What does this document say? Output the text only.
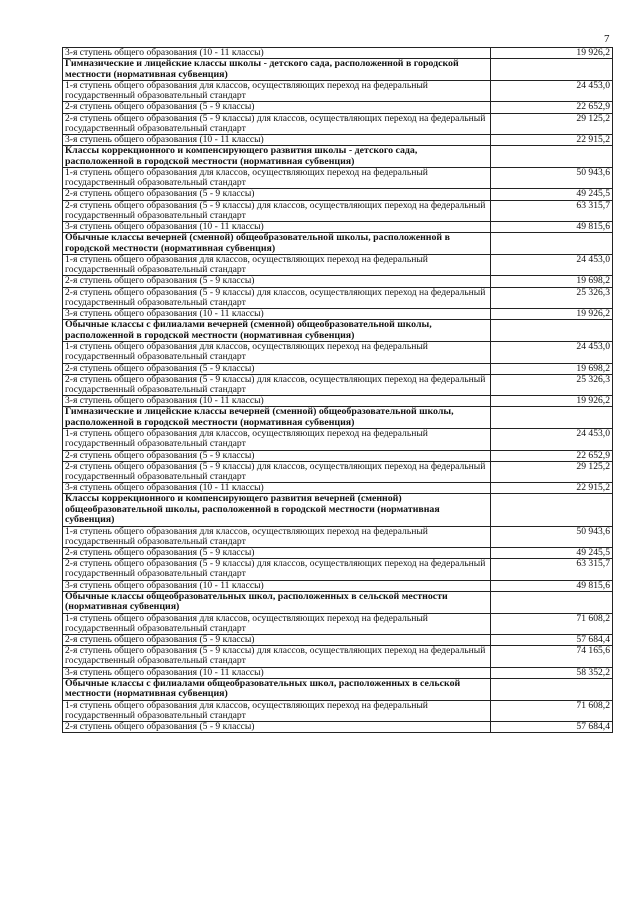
7
3-я ступень общего образования (10 - 11 классы)	19 926,2
Гимназические и лицейские классы школы - детского сада, расположенной в городской местности (нормативная субвенция)	
1-я ступень общего образования для классов, осуществляющих переход на федеральный государственный образовательный стандарт	24 453,0
2-я ступень общего образования (5 - 9 классы)	22 652,9
2-я ступень общего образования (5 - 9 классы) для классов, осуществляющих переход на федеральный государственный образовательный стандарт	29 125,2
3-я ступень общего образования (10 - 11 классы)	22 915,2
Классы коррекционного и компенсирующего развития школы - детского сада, расположенной в городской местности (нормативная субвенция)	
1-я ступень общего образования для классов, осуществляющих переход на федеральный государственный образовательный стандарт	50 943,6
2-я ступень общего образования (5 - 9 классы)	49 245,5
2-я ступень общего образования (5 - 9 классы) для классов, осуществляющих переход на федеральный государственный образовательный стандарт	63 315,7
3-я ступень общего образования (10 - 11 классы)	49 815,6
Обычные классы вечерней (сменной) общеобразовательной школы, расположенной в городской местности (нормативная субвенция)	
1-я ступень общего образования для классов, осуществляющих переход на федеральный государственный образовательный стандарт	24 453,0
2-я ступень общего образования (5 - 9 классы)	19 698,2
2-я ступень общего образования (5 - 9 классы) для классов, осуществляющих переход на федеральный государственный образовательный стандарт	25 326,3
3-я ступень общего образования (10 - 11 классы)	19 926,2
Обычные классы с филиалами вечерней (сменной) общеобразовательной школы, расположенной в городской местности (нормативная субвенция)	
1-я ступень общего образования для классов, осуществляющих переход на федеральный государственный образовательный стандарт	24 453,0
2-я ступень общего образования (5 - 9 классы)	19 698,2
2-я ступень общего образования (5 - 9 классы) для классов, осуществляющих переход на федеральный государственный образовательный стандарт	25 326,3
3-я ступень общего образования (10 - 11 классы)	19 926,2
Гимназические и лицейские классы вечерней (сменной) общеобразовательной школы, расположенной в городской местности (нормативная субвенция)	
1-я ступень общего образования для классов, осуществляющих переход на федеральный государственный образовательный стандарт	24 453,0
2-я ступень общего образования (5 - 9 классы)	22 652,9
2-я ступень общего образования (5 - 9 классы) для классов, осуществляющих переход на федеральный государственный образовательный стандарт	29 125,2
3-я ступень общего образования (10 - 11 классы)	22 915,2
Классы коррекционного и компенсирующего развития вечерней (сменной) общеобразовательной школы, расположенной в городской местности (нормативная субвенция)	
1-я ступень общего образования для классов, осуществляющих переход на федеральный государственный образовательный стандарт	50 943,6
2-я ступень общего образования (5 - 9 классы)	49 245,5
2-я ступень общего образования (5 - 9 классы) для классов, осуществляющих переход на федеральный государственный образовательный стандарт	63 315,7
3-я ступень общего образования (10 - 11 классы)	49 815,6
Обычные классы общеобразовательных школ, расположенных в сельской местности (нормативная субвенция)	
1-я ступень общего образования для классов, осуществляющих переход на федеральный государственный образовательный стандарт	71 608,2
2-я ступень общего образования (5 - 9 классы)	57 684,4
2-я ступень общего образования (5 - 9 классы) для классов, осуществляющих переход на федеральный государственный образовательный стандарт	74 165,6
3-я ступень общего образования (10 - 11 классы)	58 352,2
Обычные классы с филиалами общеобразовательных школ, расположенных в сельской местности (нормативная субвенция)	
1-я ступень общего образования для классов, осуществляющих переход на федеральный государственный образовательный стандарт	71 608,2
2-я ступень общего образования (5 - 9 классы)	57 684,4
